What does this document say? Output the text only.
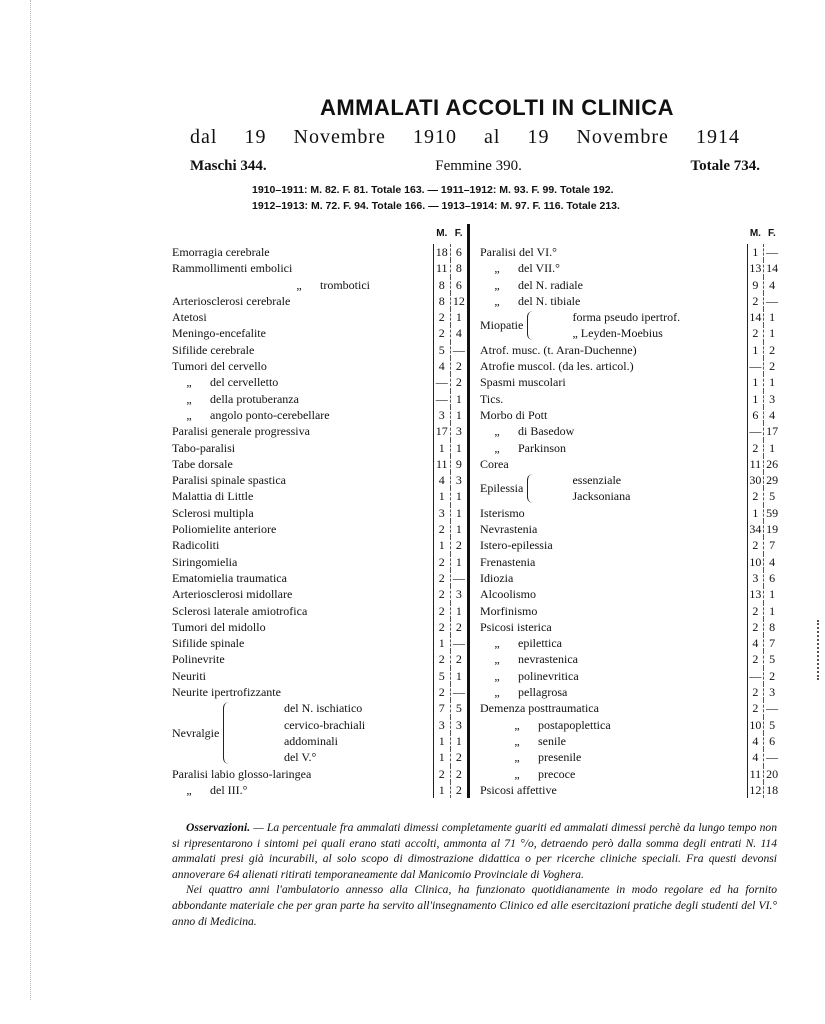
AMMALATI ACCOLTI IN CLINICA
dal 19 Novembre 1910 al 19 Novembre 1914
Maschi 344.	Femmine 390.	Totale 734.
1910–1911: M. 82. F. 81. Totale 163. — 1911–1912: M. 93. F. 99. Totale 192.
1912–1913: M. 72. F. 94. Totale 166. — 1913–1914: M. 97. F. 116. Totale 213.
		M.	F.
Emorragia cerebrale		18	6
Rammollimenti embolici		11	8
„ trombotici		8	6
Arteriosclerosi cerebrale		8	12
Atetosi		2	1
Meningo-encefalite		2	4
Sifilide cerebrale		5	—
Tumori del cervello		4	2
„ del cervelletto		—	2
„ della protuberanza		—	1
„ angolo ponto-cerebellare		3	1
Paralisi generale progressiva		17	3
Tabo-paralisi		1	1
Tabe dorsale		11	9
Paralisi spinale spastica		4	3
Malattia di Little		1	1
Sclerosi multipla		3	1
Poliomielite anteriore		2	1
Radicoliti		1	2
Siringomielia		2	1
Ematomielia traumatica		2	—
Arteriosclerosi midollare		2	3
Sclerosi laterale amiotrofica		2	1
Tumori del midollo		2	2
Sifilide spinale		1	—
Polinevrite		2	2
Neuriti		5	1
Neurite ipertrofizzante		2	—

Nevralgie	del N. ischiatico	7	5
	cervico-brachiali	3	3
	addominali	1	1
	del V.°	1	2
Paralisi labio glosso-laringea		2	2
„ del III.°		1	2
		M.	F.
Paralisi del VI.°		1	—
„ del VII.°		13	14
„ del N. radiale		9	4
„ del N. tibiale		2	—

Miopatie	forma pseudo ipertrof.	14	1
	„ Leyden-Moebius	2	1
Atrof. musc. (t. Aran-Duchenne)		1	2
Atrofie muscol. (da les. articol.)		—	2
Spasmi muscolari		1	1
Tics.		1	3
Morbo di Pott		6	4
„ di Basedow		—	17
„ Parkinson		2	1
Corea		11	26

Epilessia	essenziale	30	29
	Jacksoniana	2	5
Isterismo		1	59
Nevrastenia		34	19
Istero-epilessia		2	7
Frenastenia		10	4
Idiozia		3	6
Alcoolismo		13	1
Morfinismo		2	1
Psicosi isterica		2	8
„ epilettica		4	7
„ nevrastenica		2	5
„ polinevritica		—	2
„ pellagrosa		2	3
Demenza posttraumatica		2	—
„ postapoplettica		10	5
„ senile		4	6
„ presenile		4	—
„ precoce		11	20
Psicosi affettive		12	18

Osservazioni. — La percentuale fra ammalati dimessi completamente guariti ed ammalati dimessi perchè da lungo tempo non si ripresentarono i sintomi pei quali erano stati accolti, ammonta al 71 °/o, detraendo però dalla somma degli entrati N. 114 ammalati presi già incurabili, al solo scopo di dimostrazione didattica o per ricerche cliniche speciali. Fra questi devonsi annoverare 64 alienati ritirati temporaneamente dal Manicomio Provinciale di Voghera.

Nei quattro anni l'ambulatorio annesso alla Clinica, ha funzionato quotidianamente in modo regolare ed ha fornito abbondante materiale che per gran parte ha servito all'insegnamento Clinico ed alle esercitazioni pratiche degli studenti del VI.° anno di Medicina.
